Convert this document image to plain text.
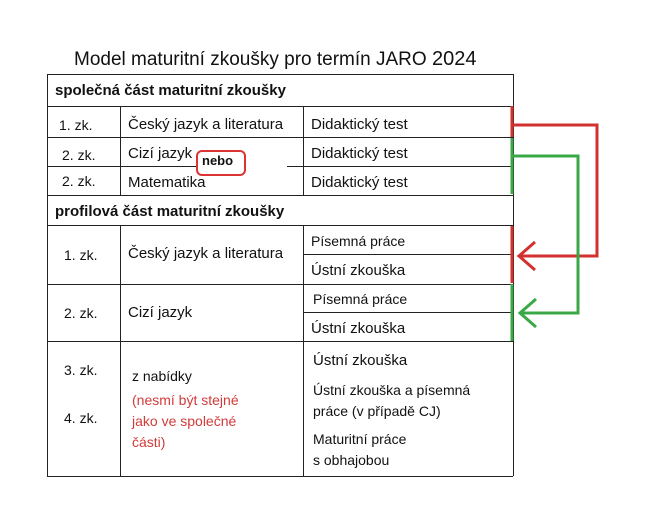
Model maturitní zkoušky pro termín JARO 2024
společná část maturitní zkoušky
1. zk. Český jazyk a literatura Didaktický test
2. zk. Cizí jazyk	Didaktický test
2. zk. Matematika	Didaktický test
nebo
profilová část maturitní zkoušky
1. zk. Český jazyk a literatura
Písemná práce
Ústní zkouška
2. zk. Cizí jazyk
Písemná práce
Ústní zkouška
3. zk.
4. zk.
z nabídky
(nesmí být stejné
jako ve společné
části)
Ústní zkouška
Ústní zkouška a písemná
práce (v případě CJ)
Maturitní práce
s obhajobou
